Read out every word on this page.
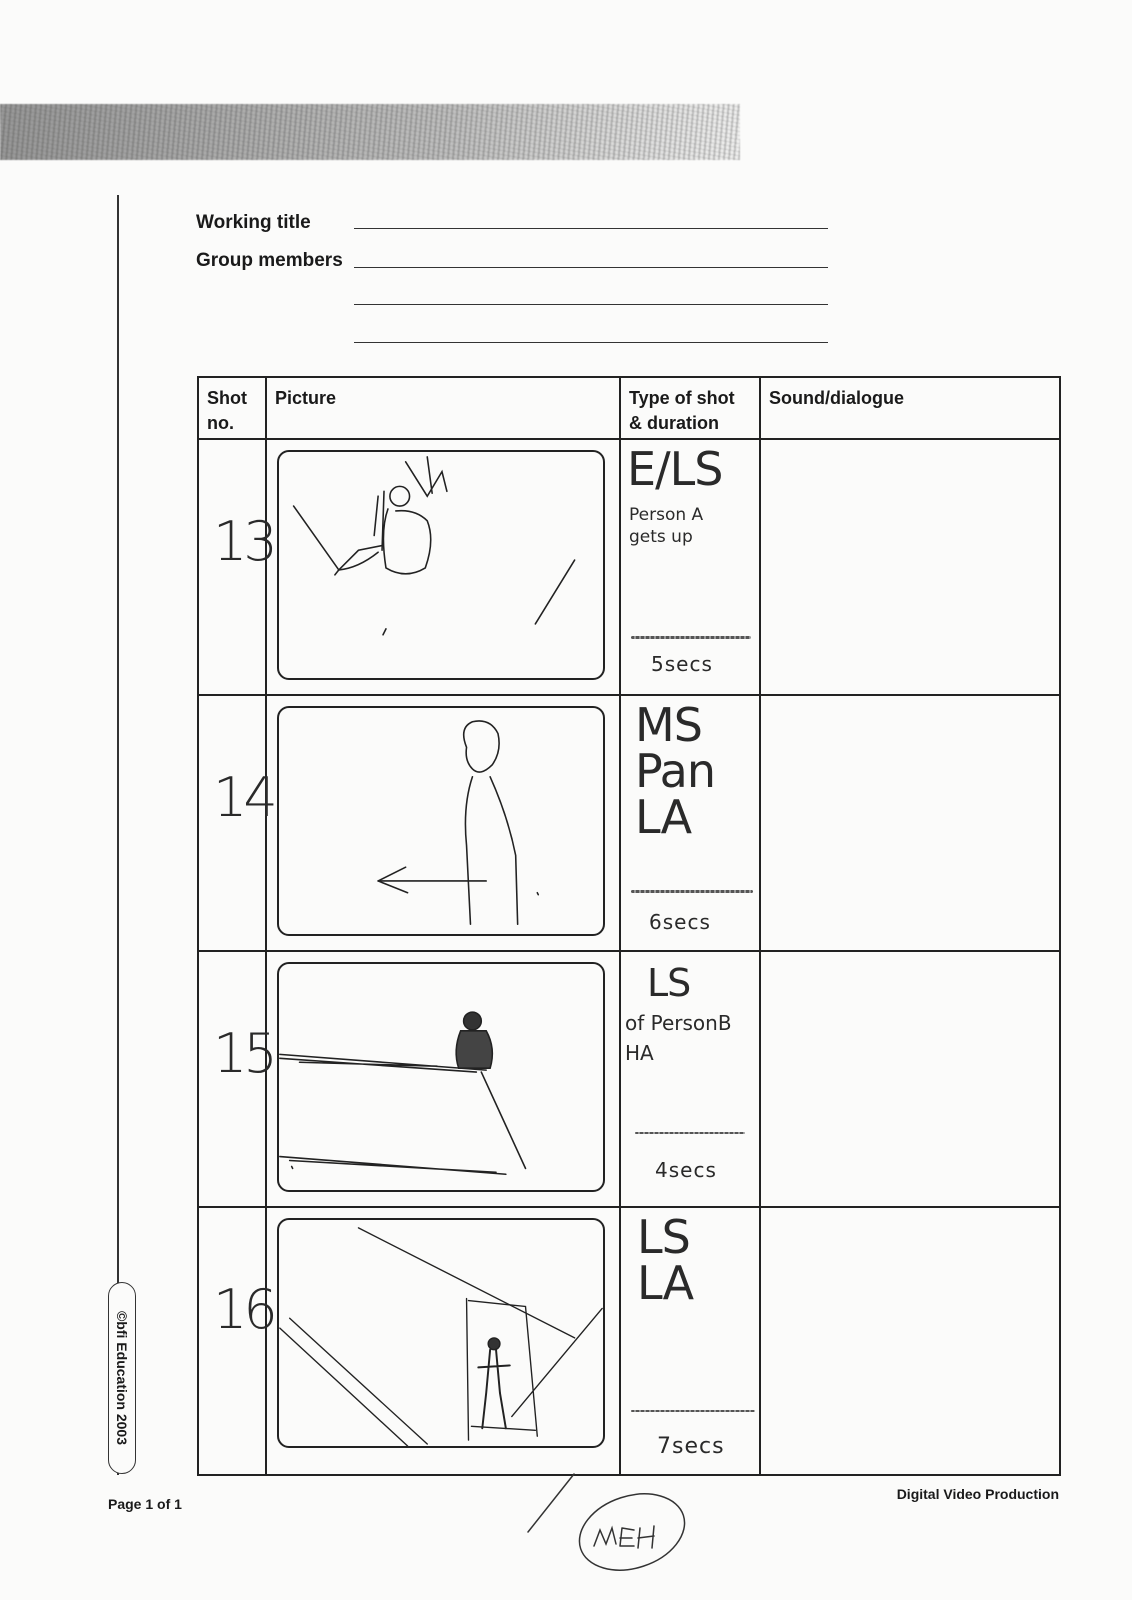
©bfi Education 2003
Working title
Group members
Shot no.
Picture	Type of shot & duration
Sound/dialogue
13
E/LS
Person A gets up
5secs
14
MS Pan LA
6secs
15
LS
of PersonB HA
4secs
16
LS LA
7secs
Page 1 of 1
Digital Video Production
